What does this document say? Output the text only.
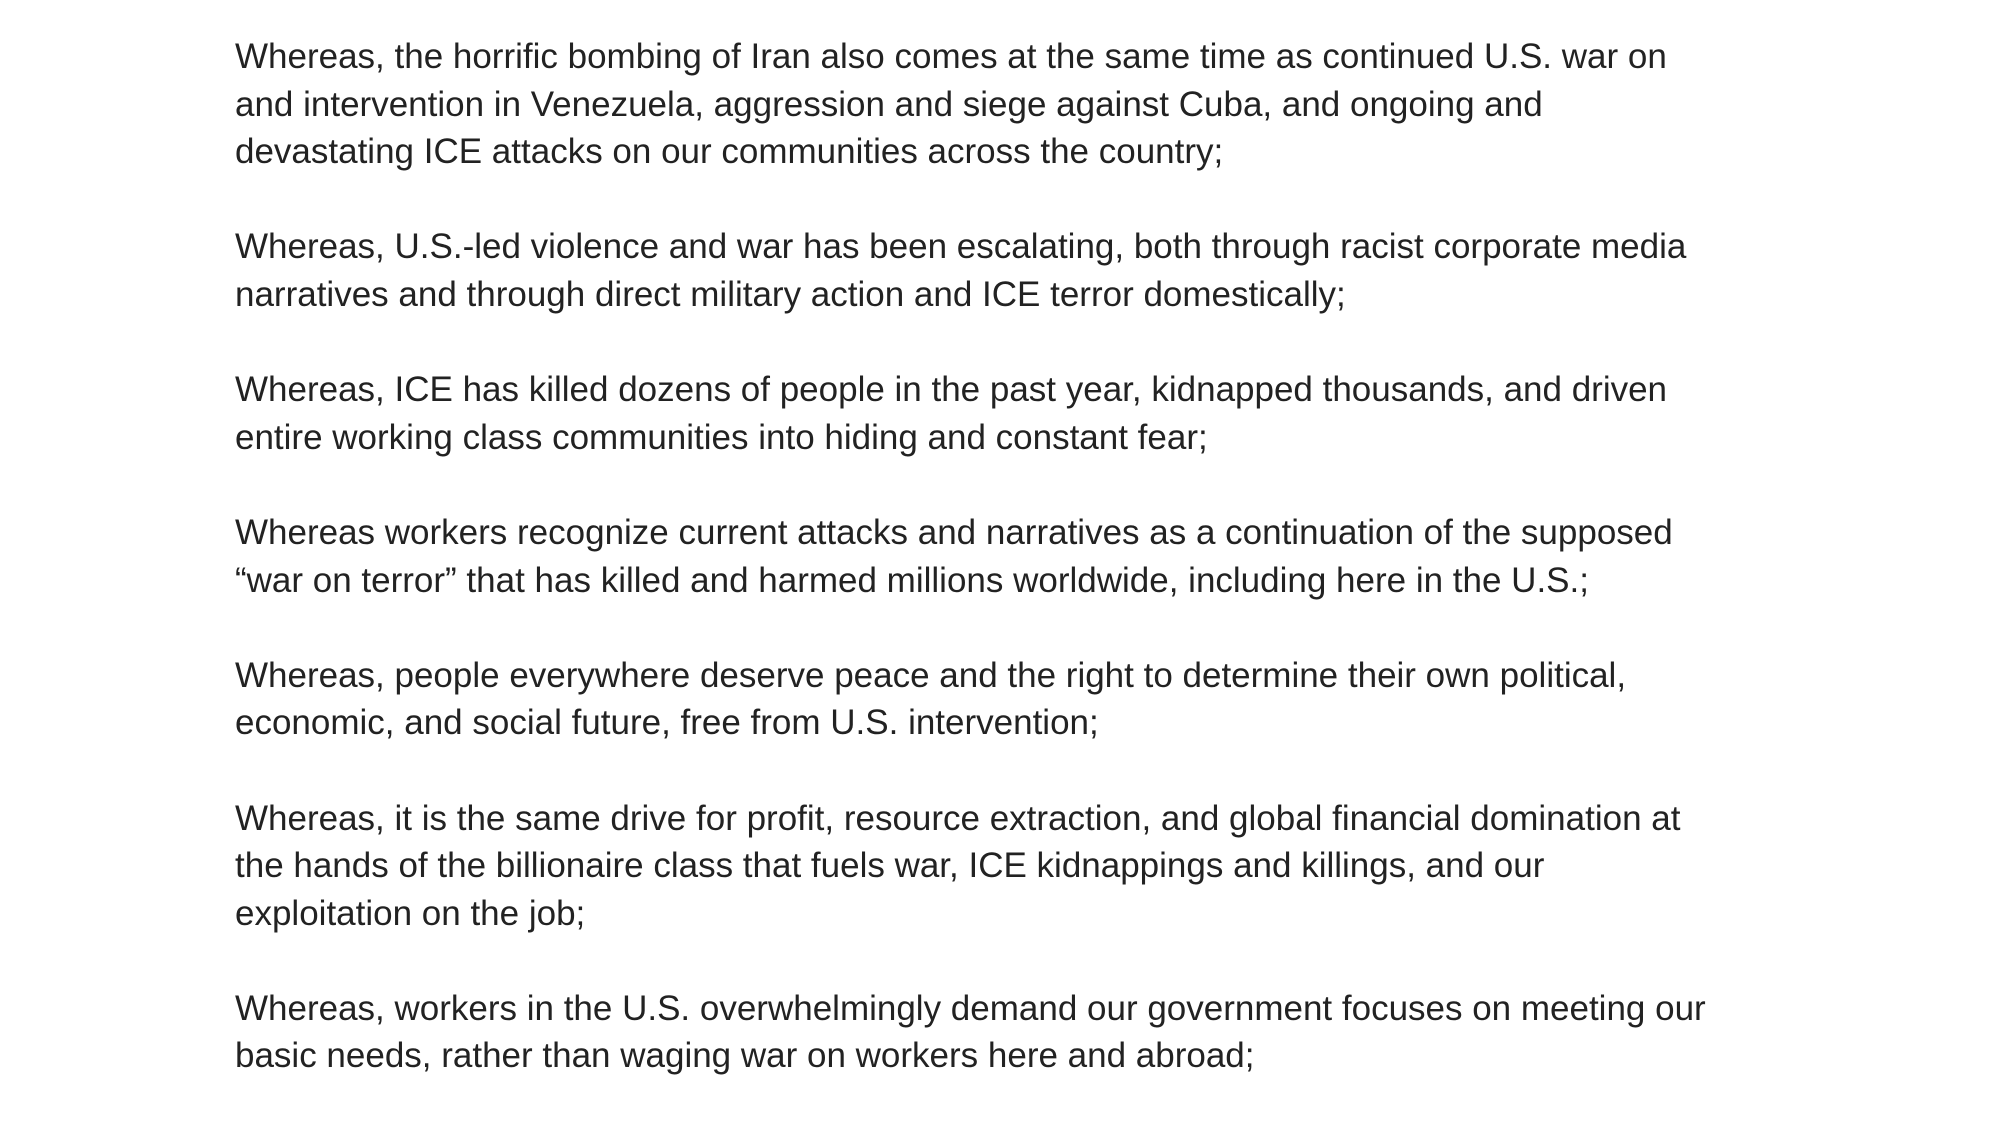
Whereas, the horrific bombing of Iran also comes at the same time as continued U.S. war on
and intervention in Venezuela, aggression and siege against Cuba, and ongoing and
devastating ICE attacks on our communities across the country;

Whereas, U.S.-led violence and war has been escalating, both through racist corporate media
narratives and through direct military action and ICE terror domestically;

Whereas, ICE has killed dozens of people in the past year, kidnapped thousands, and driven
entire working class communities into hiding and constant fear;

Whereas workers recognize current attacks and narratives as a continuation of the supposed
“war on terror” that has killed and harmed millions worldwide, including here in the U.S.;

Whereas, people everywhere deserve peace and the right to determine their own political,
economic, and social future, free from U.S. intervention;

Whereas, it is the same drive for profit, resource extraction, and global financial domination at
the hands of the billionaire class that fuels war, ICE kidnappings and killings, and our
exploitation on the job;

Whereas, workers in the U.S. overwhelmingly demand our government focuses on meeting our
basic needs, rather than waging war on workers here and abroad;
